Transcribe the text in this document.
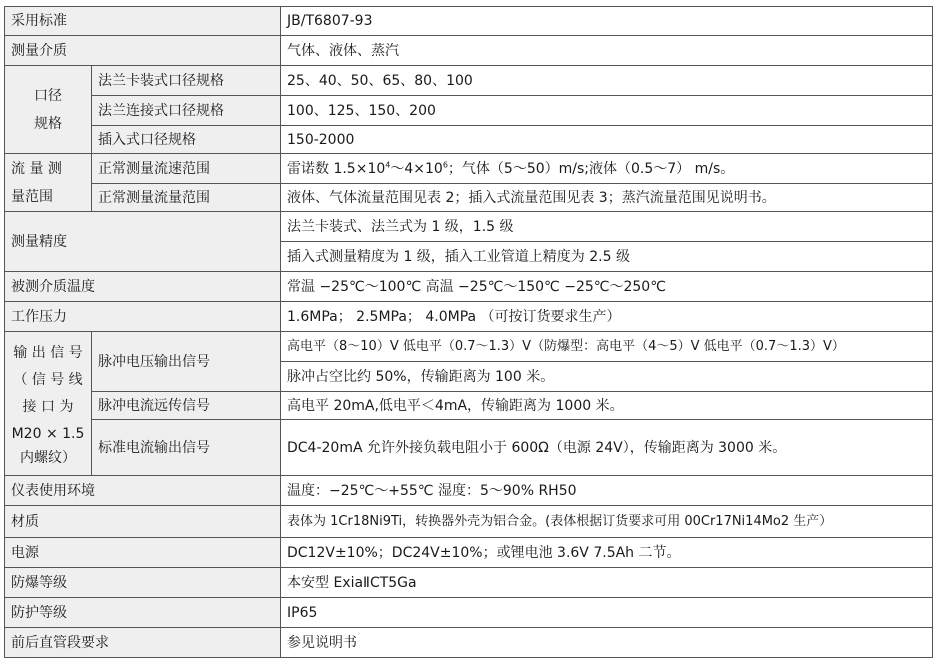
采用标准		JB/T6807-93
测量介质		气体、液体、蒸汽

口径
规格	法兰卡装式口径规格	25、40、50、65、80、100
	法兰连接式口径规格	100、125、150、200
	插入式口径规格	150-2000

流 量 测
量范围	正常测量流速范围	雷诺数 $1.5\times 10^4\sim 4\times 10^6$；气体（5～50）m/s;液体（0.5～7） m/s。
	正常测量流量范围	液体、气体流量范围见表 2；插入式流量范围见表 3；蒸汽流量范围见说明书。
测量精度		法兰卡装式、法兰式为 1 级，1.5 级
		插入式测量精度为 1 级，插入工业管道上精度为 2.5 级
被测介质温度		常温 −25℃～100℃ 高温 −25℃～150℃ −25℃～250℃
工作压力		1.6MPa； 2.5MPa； 4.0MPa （可按订货要求生产）

输 出 信 号
（ 信 号 线
接 口 为
M20 × 1.5
内螺纹）	脉冲电压输出信号	高电平（8～10）V 低电平（0.7～1.3）V（防爆型：高电平（4～5）V 低电平（0.7～1.3）V）
		脉冲占空比约 50%，传输距离为 100 米。
	脉冲电流远传信号	高电平 20mA,低电平＜4mA，传输距离为 1000 米。
	标准电流输出信号	DC4-20mA 允许外接负载电阻小于 600Ω（电源 24V），传输距离为 3000 米。
仪表使用环境		温度：−25℃～+55℃ 湿度：5～90% RH50
材质		表体为 1Cr18Ni9Ti，转换器外壳为铝合金。(表体根据订货要求可用 00Cr17Ni14Mo2 生产）
电源		DC12V±10%；DC24V±10%；或锂电池 3.6V 7.5Ah 二节。
防爆等级		本安型 ExiaⅡCT5Ga
防护等级		IP65
前后直管段要求		参见说明书
